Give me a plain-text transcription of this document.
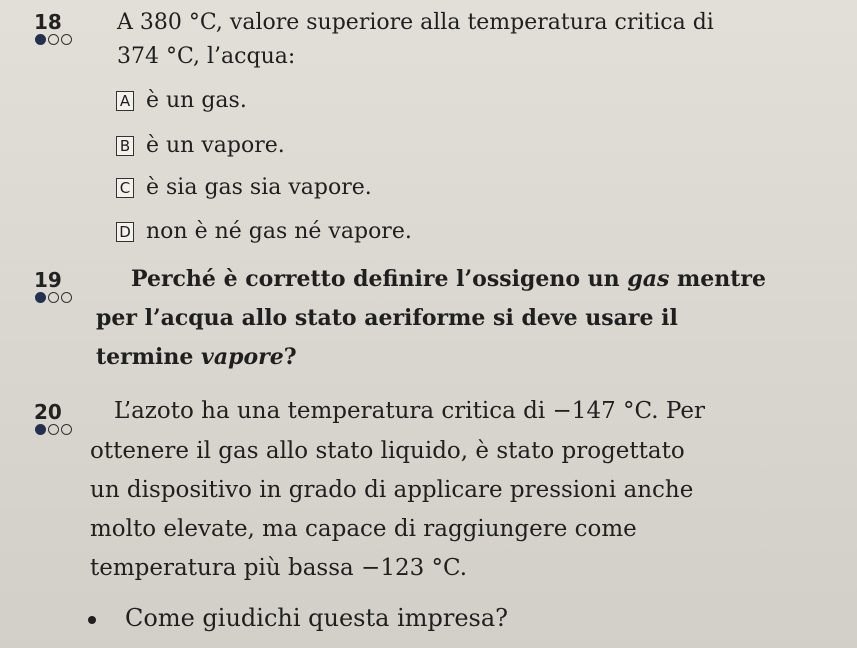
18	A 380 °C, valore superiore alla temperatura critica di
374 °C, l’acqua:
A è un gas.
B è un vapore.
C è sia gas sia vapore.
D non è né gas né vapore.
19	Perché è corretto definire l’ossigeno un gas mentre
per l’acqua allo stato aeriforme si deve usare il
termine vapore?
20 L’azoto ha una temperatura critica di −147 °C. Per
ottenere il gas allo stato liquido, è stato progettato
un dispositivo in grado di applicare pressioni anche
molto elevate, ma capace di raggiungere come
temperatura più bassa −123 °C.
Come giudichi questa impresa?
